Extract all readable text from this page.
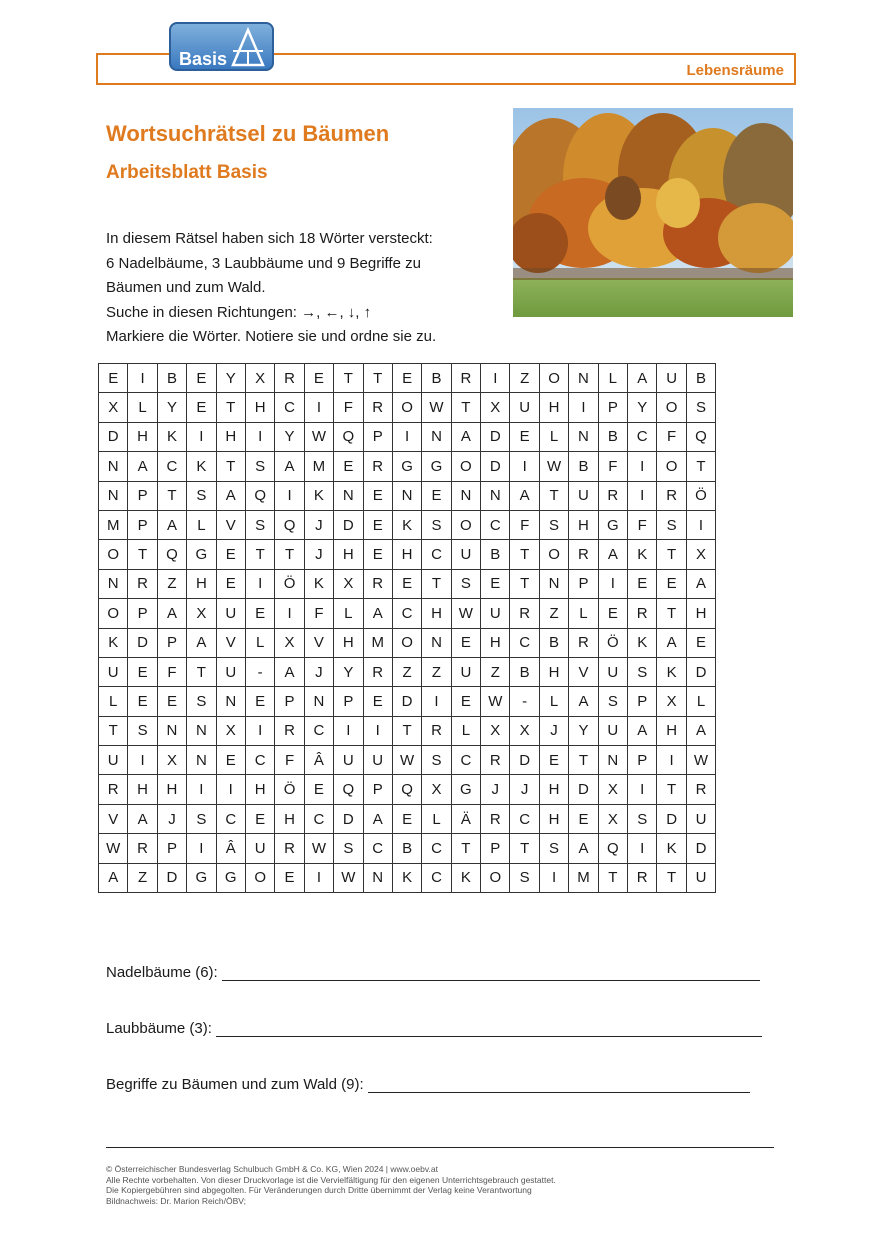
Lebensräume
Basis
Wortsuchrätsel zu Bäumen
Arbeitsblatt Basis
In diesem Rätsel haben sich 18 Wörter versteckt:
6 Nadelbäume, 3 Laubbäume und 9 Begriffe zu
Bäumen und zum Wald.
Suche in diesen Richtungen: →, ←, ↓, ↑
Markiere die Wörter. Notiere sie und ordne sie zu.
E	I	B	E	Y	X	R	E	T	T	E	B	R	I	Z	O	N	L	A	U	B
X	L	Y	E	T	H	C	I	F	R	O	W	T	X	U	H	I	P	Y	O	S
D	H	K	I	H	I	Y	W	Q	P	I	N	A	D	E	L	N	B	C	F	Q
N	A	C	K	T	S	A	M	E	R	G	G	O	D	I	W	B	F	I	O	T
N	P	T	S	A	Q	I	K	N	E	N	E	N	N	A	T	U	R	I	R	Ö
M	P	A	L	V	S	Q	J	D	E	K	S	O	C	F	S	H	G	F	S	I
O	T	Q	G	E	T	T	J	H	E	H	C	U	B	T	O	R	A	K	T	X
N	R	Z	H	E	I	Ö	K	X	R	E	T	S	E	T	N	P	I	E	E	A
O	P	A	X	U	E	I	F	L	A	C	H	W	U	R	Z	L	E	R	T	H
K	D	P	A	V	L	X	V	H	M	O	N	E	H	C	B	R	Ö	K	A	E
U	E	F	T	U	-	A	J	Y	R	Z	Z	U	Z	B	H	V	U	S	K	D
L	E	E	S	N	E	P	N	P	E	D	I	E	W	-	L	A	S	P	X	L
T	S	N	N	X	I	R	C	I	I	T	R	L	X	X	J	Y	U	A	H	A
U	I	X	N	E	C	F	Â	U	U	W	S	C	R	D	E	T	N	P	I	W
R	H	H	I	I	H	Ö	E	Q	P	Q	X	G	J	J	H	D	X	I	T	R
V	A	J	S	C	E	H	C	D	A	E	L	Ä	R	C	H	E	X	S	D	U
W	R	P	I	Â	U	R	W	S	C	B	C	T	P	T	S	A	Q	I	K	D
A	Z	D	G	G	O	E	I	W	N	K	C	K	O	S	I	M	T	R	T	U
Nadelbäume (6):
Laubbäume (3):
Begriffe zu Bäumen und zum Wald (9):
© Österreichischer Bundesverlag Schulbuch GmbH & Co. KG, Wien 2024 | www.oebv.at
Alle Rechte vorbehalten. Von dieser Druckvorlage ist die Vervielfältigung für den eigenen Unterrichtsgebrauch gestattet.
Die Kopiergebühren sind abgegolten. Für Veränderungen durch Dritte übernimmt der Verlag keine Verantwortung
Bildnachweis: Dr. Marion Reich/ÖBV;
